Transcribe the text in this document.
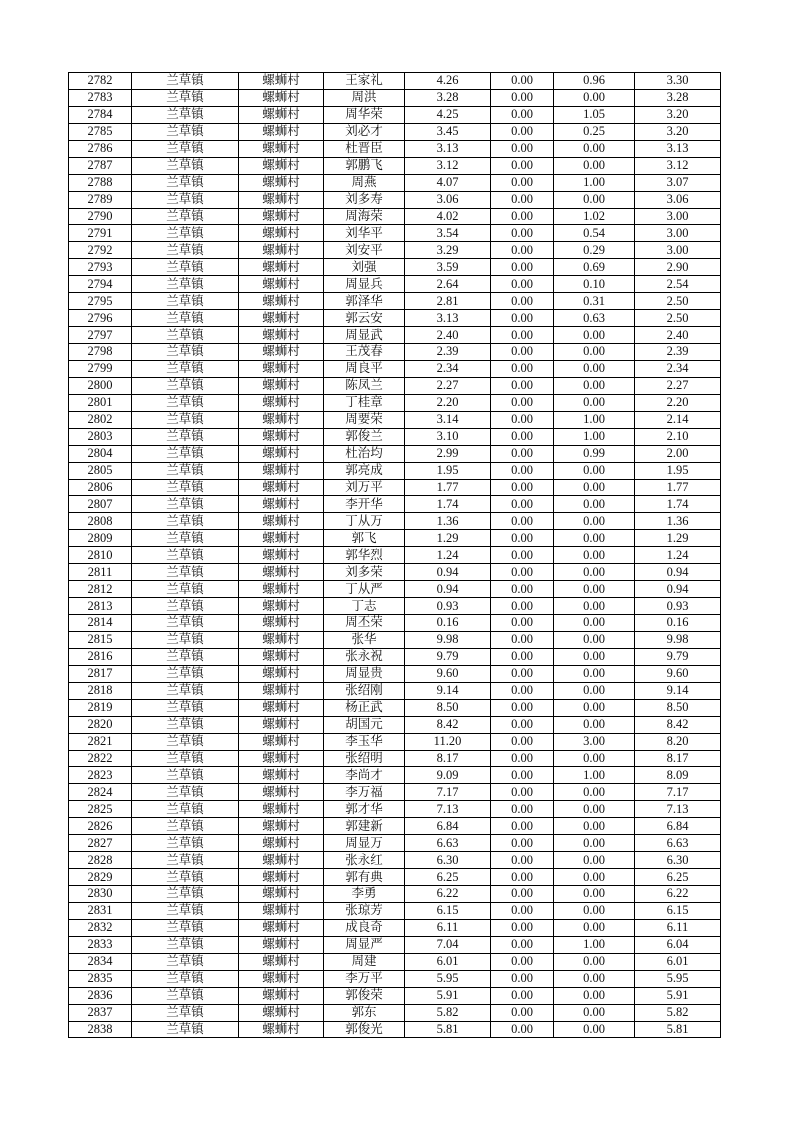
2782	兰草镇	螺蛳村	王家礼	4.26	0.00	0.96	3.30
2783	兰草镇	螺蛳村	周洪	3.28	0.00	0.00	3.28
2784	兰草镇	螺蛳村	周华荣	4.25	0.00	1.05	3.20
2785	兰草镇	螺蛳村	刘必才	3.45	0.00	0.25	3.20
2786	兰草镇	螺蛳村	杜晋臣	3.13	0.00	0.00	3.13
2787	兰草镇	螺蛳村	郭鹏飞	3.12	0.00	0.00	3.12
2788	兰草镇	螺蛳村	周燕	4.07	0.00	1.00	3.07
2789	兰草镇	螺蛳村	刘多寿	3.06	0.00	0.00	3.06
2790	兰草镇	螺蛳村	周海荣	4.02	0.00	1.02	3.00
2791	兰草镇	螺蛳村	刘华平	3.54	0.00	0.54	3.00
2792	兰草镇	螺蛳村	刘安平	3.29	0.00	0.29	3.00
2793	兰草镇	螺蛳村	刘强	3.59	0.00	0.69	2.90
2794	兰草镇	螺蛳村	周显兵	2.64	0.00	0.10	2.54
2795	兰草镇	螺蛳村	郭泽华	2.81	0.00	0.31	2.50
2796	兰草镇	螺蛳村	郭云安	3.13	0.00	0.63	2.50
2797	兰草镇	螺蛳村	周显武	2.40	0.00	0.00	2.40
2798	兰草镇	螺蛳村	王茂春	2.39	0.00	0.00	2.39
2799	兰草镇	螺蛳村	周良平	2.34	0.00	0.00	2.34
2800	兰草镇	螺蛳村	陈凤兰	2.27	0.00	0.00	2.27
2801	兰草镇	螺蛳村	丁桂章	2.20	0.00	0.00	2.20
2802	兰草镇	螺蛳村	周要荣	3.14	0.00	1.00	2.14
2803	兰草镇	螺蛳村	郭俊兰	3.10	0.00	1.00	2.10
2804	兰草镇	螺蛳村	杜治均	2.99	0.00	0.99	2.00
2805	兰草镇	螺蛳村	郭亮成	1.95	0.00	0.00	1.95
2806	兰草镇	螺蛳村	刘万平	1.77	0.00	0.00	1.77
2807	兰草镇	螺蛳村	李开华	1.74	0.00	0.00	1.74
2808	兰草镇	螺蛳村	丁从万	1.36	0.00	0.00	1.36
2809	兰草镇	螺蛳村	郭飞	1.29	0.00	0.00	1.29
2810	兰草镇	螺蛳村	郭华烈	1.24	0.00	0.00	1.24
2811	兰草镇	螺蛳村	刘多荣	0.94	0.00	0.00	0.94
2812	兰草镇	螺蛳村	丁从严	0.94	0.00	0.00	0.94
2813	兰草镇	螺蛳村	丁志	0.93	0.00	0.00	0.93
2814	兰草镇	螺蛳村	周丕荣	0.16	0.00	0.00	0.16
2815	兰草镇	螺蛳村	张华	9.98	0.00	0.00	9.98
2816	兰草镇	螺蛳村	张永祝	9.79	0.00	0.00	9.79
2817	兰草镇	螺蛳村	周显贵	9.60	0.00	0.00	9.60
2818	兰草镇	螺蛳村	张绍刚	9.14	0.00	0.00	9.14
2819	兰草镇	螺蛳村	杨正武	8.50	0.00	0.00	8.50
2820	兰草镇	螺蛳村	胡国元	8.42	0.00	0.00	8.42
2821	兰草镇	螺蛳村	李玉华	11.20	0.00	3.00	8.20
2822	兰草镇	螺蛳村	张绍明	8.17	0.00	0.00	8.17
2823	兰草镇	螺蛳村	李尚才	9.09	0.00	1.00	8.09
2824	兰草镇	螺蛳村	李万福	7.17	0.00	0.00	7.17
2825	兰草镇	螺蛳村	郭才华	7.13	0.00	0.00	7.13
2826	兰草镇	螺蛳村	郭建新	6.84	0.00	0.00	6.84
2827	兰草镇	螺蛳村	周显万	6.63	0.00	0.00	6.63
2828	兰草镇	螺蛳村	张永红	6.30	0.00	0.00	6.30
2829	兰草镇	螺蛳村	郭有典	6.25	0.00	0.00	6.25
2830	兰草镇	螺蛳村	李勇	6.22	0.00	0.00	6.22
2831	兰草镇	螺蛳村	张琼芳	6.15	0.00	0.00	6.15
2832	兰草镇	螺蛳村	成良奇	6.11	0.00	0.00	6.11
2833	兰草镇	螺蛳村	周显严	7.04	0.00	1.00	6.04
2834	兰草镇	螺蛳村	周建	6.01	0.00	0.00	6.01
2835	兰草镇	螺蛳村	李万平	5.95	0.00	0.00	5.95
2836	兰草镇	螺蛳村	郭俊荣	5.91	0.00	0.00	5.91
2837	兰草镇	螺蛳村	郭东	5.82	0.00	0.00	5.82
2838	兰草镇	螺蛳村	郭俊光	5.81	0.00	0.00	5.81
